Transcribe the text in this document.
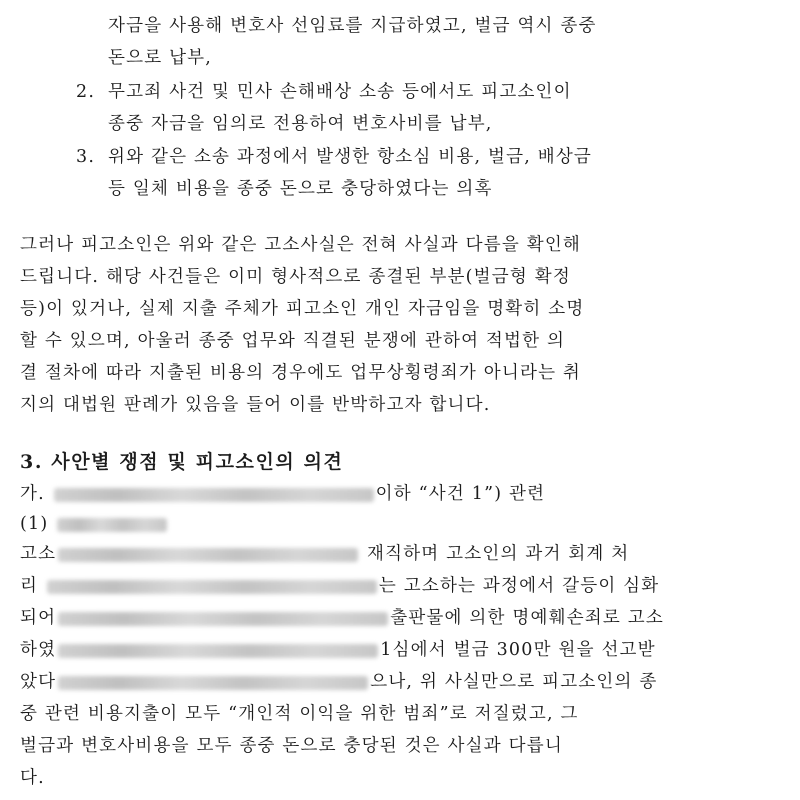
자금을 사용해 변호사 선임료를 지급하였고, 벌금 역시 종중
돈으로 납부,
2. 무고죄 사건 및 민사 손해배상 소송 등에서도 피고소인이
종중 자금을 임의로 전용하여 변호사비를 납부,
3. 위와 같은 소송 과정에서 발생한 항소심 비용, 벌금, 배상금
등 일체 비용을 종중 돈으로 충당하였다는 의혹
그러나 피고소인은 위와 같은 고소사실은 전혀 사실과 다름을 확인해
드립니다. 해당 사건들은 이미 형사적으로 종결된 부분(벌금형 확정
등)이 있거나, 실제 지출 주체가 피고소인 개인 자금임을 명확히 소명
할 수 있으며, 아울러 종중 업무와 직결된 분쟁에 관하여 적법한 의
결 절차에 따라 지출된 비용의 경우에도 업무상횡령죄가 아니라는 취
지의 대법원 판례가 있음을 들어 이를 반박하고자 합니다.
3. 사안별 쟁점 및 피고소인의 의견
가.	이하 “사건 1”) 관련
(1)
고소	재직하며 고소인의 과거 회계 처
리	는 고소하는 과정에서 갈등이 심화
되어	출판물에 의한 명예훼손죄로 고소
하였	1심에서 벌금 300만 원을 선고받
았다	으나, 위 사실만으로 피고소인의 종
중 관련 비용지출이 모두 “개인적 이익을 위한 범죄”로 저질렀고, 그
벌금과 변호사비용을 모두 종중 돈으로 충당된 것은 사실과 다릅니
다.
